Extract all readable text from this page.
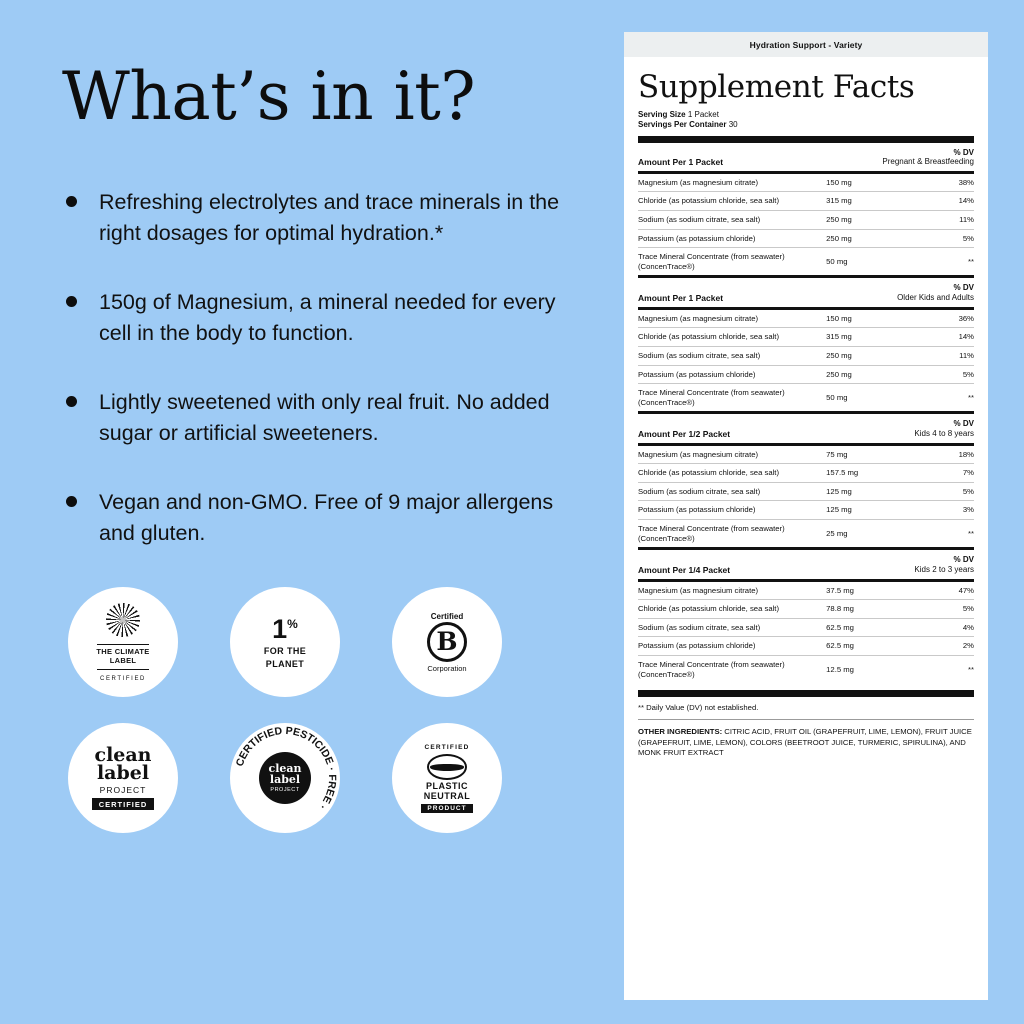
What’s in it?
Refreshing electrolytes and trace minerals in the right dosages for optimal hydration.*
150g of Magnesium, a mineral needed for every cell in the body to function.
Lightly sweetened with only real fruit. No added sugar or artificial sweeteners.
Vegan and non-GMO. Free of 9 major allergens and gluten.
THE CLIMATE
LABEL
CERTIFIED
1%
FOR THE
PLANET
Certified
B
Corporation
clean
label
PROJECT
CERTIFIED
CERTIFIED PESTICIDE · FREE ·
clean
label
PROJECT
CERTIFIED
PLASTIC
NEUTRAL
PRODUCT
Hydration Support - Variety
Supplement Facts
Serving Size 1 Packet
Servings Per Container 30
Amount Per 1 Packet
% DV
Pregnant & Breastfeeding
Magnesium (as magnesium citrate)	150 mg	38%
Chloride (as potassium chloride, sea salt)	315 mg	14%
Sodium (as sodium citrate, sea salt)	250 mg	11%
Potassium (as potassium chloride)	250 mg	5%
Trace Mineral Concentrate (from seawater) (ConcenTrace®)	50 mg	**
Amount Per 1 Packet
% DV
Older Kids and Adults
Magnesium (as magnesium citrate)	150 mg	36%
Chloride (as potassium chloride, sea salt)	315 mg	14%
Sodium (as sodium citrate, sea salt)	250 mg	11%
Potassium (as potassium chloride)	250 mg	5%
Trace Mineral Concentrate (from seawater) (ConcenTrace®)	50 mg	**
Amount Per 1/2 Packet
% DV
Kids 4 to 8 years
Magnesium (as magnesium citrate)	75 mg	18%
Chloride (as potassium chloride, sea salt)	157.5 mg	7%
Sodium (as sodium citrate, sea salt)	125 mg	5%
Potassium (as potassium chloride)	125 mg	3%
Trace Mineral Concentrate (from seawater) (ConcenTrace®)	25 mg	**
Amount Per 1/4 Packet
% DV
Kids 2 to 3 years
Magnesium (as magnesium citrate)	37.5 mg	47%
Chloride (as potassium chloride, sea salt)	78.8 mg	5%
Sodium (as sodium citrate, sea salt)	62.5 mg	4%
Potassium (as potassium chloride)	62.5 mg	2%
Trace Mineral Concentrate (from seawater) (ConcenTrace®)	12.5 mg	**
** Daily Value (DV) not established.
OTHER INGREDIENTS: CITRIC ACID, FRUIT OIL (GRAPEFRUIT, LIME, LEMON), FRUIT JUICE (GRAPEFRUIT, LIME, LEMON), COLORS (BEETROOT JUICE, TURMERIC, SPIRULINA), AND MONK FRUIT EXTRACT
